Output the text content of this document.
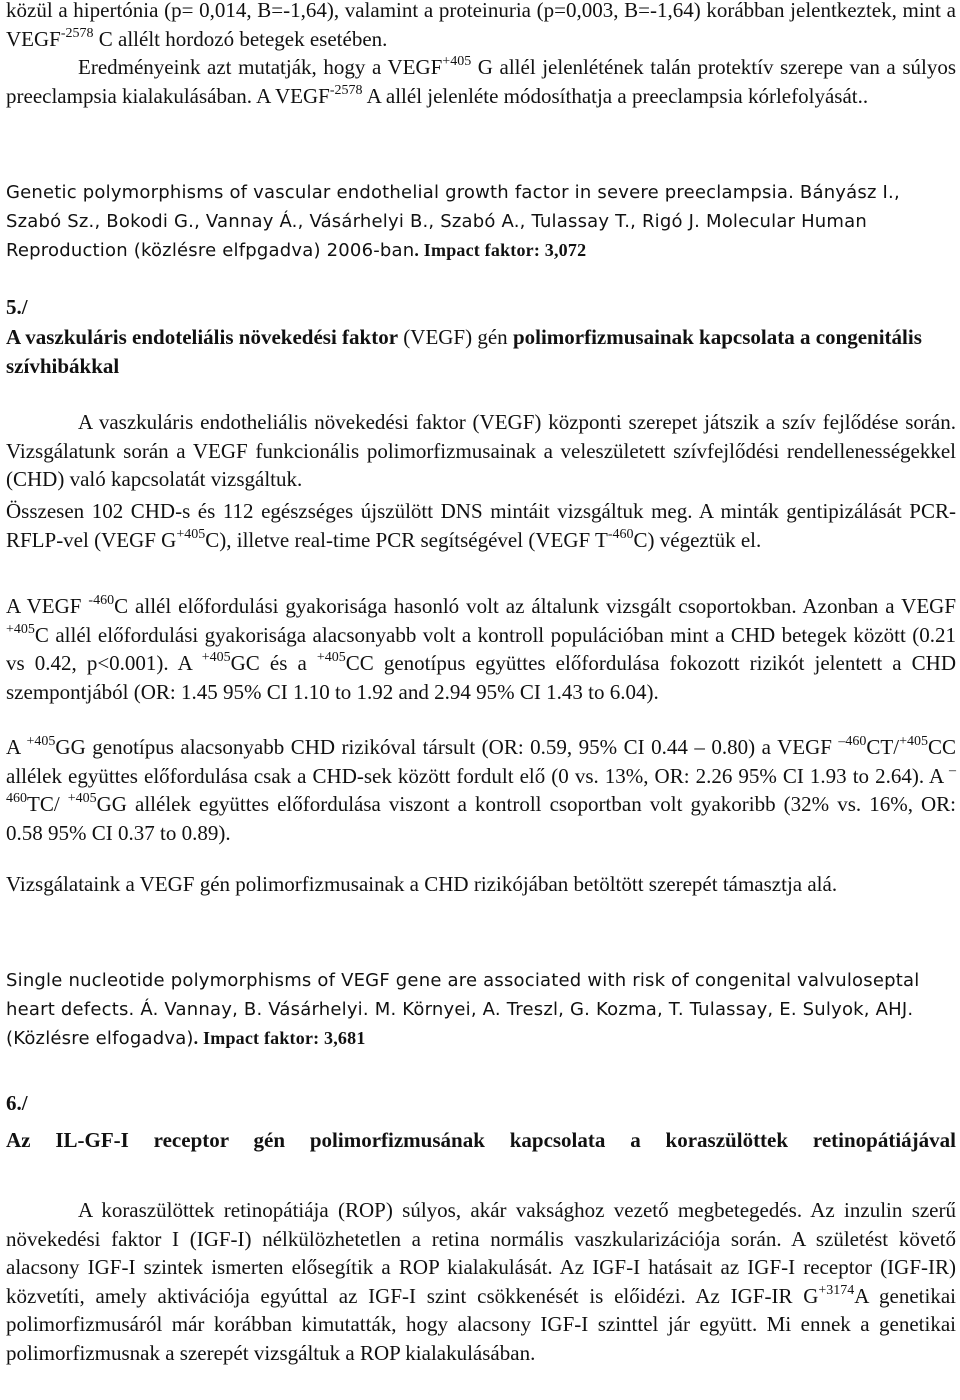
közül a hipertónia (p= 0,014, B=-1,64), valamint a proteinuria (p=0,003, B=-1,64) korábban jelentkeztek, mint a $VEGF^{-2578}$ C allélt hordozó betegek esetében.

Eredményeink azt mutatják, hogy a $VEGF^{+405}$ G allél jelenlétének talán protektív szerepe van a súlyos preeclampsia kialakulásában. A $VEGF^{-2578}$ A allél jelenléte módosíthatja a preeclampsia kórlefolyását..

Genetic polymorphisms of vascular endothelial growth factor in severe preeclampsia. Bányász I., Szabó Sz., Bokodi G., Vannay Á., Vásárhelyi B., Szabó A., Tulassay T., Rigó J. Molecular Human Reproduction (közlésre elfpgadva) 2006-ban. Impact faktor: 3,072

5./

A vaszkuláris endoteliális növekedési faktor (VEGF) gén polimorfizmusainak kapcsolata a congenitális szívhibákkal

A vaszkuláris endotheliális növekedési faktor (VEGF) központi szerepet játszik a szív fejlődése során. Vizsgálatunk során a VEGF funkcionális polimorfizmusainak a veleszületett szívfejlődési rendellenességekkel (CHD) való kapcsolatát vizsgáltuk.

Összesen 102 CHD-s és 112 egészséges újszülött DNS mintáit vizsgáltuk meg. A minták gentipizálását PCR-RFLP-vel (VEGF $G^{+405}C$), illetve real-time PCR segítségével (VEGF $T^{-460}C$) végeztük el.

A VEGF $^{-460}$C allél előfordulási gyakorisága hasonló volt az általunk vizsgált csoportokban. Azonban a VEGF $^{+405}$C allél előfordulási gyakorisága alacsonyabb volt a kontroll populációban mint a CHD betegek között (0.21 vs 0.42, p<0.001). A $^{+405}$GC és a $^{+405}$CC genotípus együttes előfordulása fokozott rizikót jelentett a CHD szempontjából (OR: 1.45 95% CI 1.10 to 1.92 and 2.94 95% CI 1.43 to 6.04).

A $^{+405}$GG genotípus alacsonyabb CHD rizikóval társult (OR: 0.59, 95% CI 0.44 – 0.80) a VEGF $^{-460}$CT/$^{+405}$CC allélek együttes előfordulása csak a CHD-sek között fordult elő (0 vs. 13%, OR: 2.26 95% CI 1.93 to 2.64). A $^{-460}$TC/ $^{+405}$GG allélek együttes előfordulása viszont a kontroll csoportban volt gyakoribb (32% vs. 16%, OR: 0.58 95% CI 0.37 to 0.89).

Vizsgálataink a VEGF gén polimorfizmusainak a CHD rizikójában betöltött szerepét támasztja alá.

Single nucleotide polymorphisms of VEGF gene are associated with risk of congenital valvuloseptal heart defects. Á. Vannay, B. Vásárhelyi. M. Környei, A. Treszl, G. Kozma, T. Tulassay, E. Sulyok, AHJ. (Közlésre elfogadva). Impact faktor: 3,681

6./

Az IL-GF-I receptor gén polimorfizmusának kapcsolata a koraszülöttek retinopátiájával

A koraszülöttek retinopátiája (ROP) súlyos, akár vaksághoz vezető megbetegedés. Az inzulin szerű növekedési faktor I (IGF-I) nélkülözhetetlen a retina normális vaszkularizációja során. A születést követő alacsony IGF-I szintek ismerten elősegítik a ROP kialakulását. Az IGF-I hatásait az IGF-I receptor (IGF-IR) közvetíti, amely aktivációja egyúttal az IGF-I szint csökkenését is előidézi. Az IGF-IR $G^{+3174}A$ genetikai polimorfizmusáról már korábban kimutatták, hogy alacsony IGF-I szinttel jár együtt. Mi ennek a genetikai polimorfizmusnak a szerepét vizsgáltuk a ROP kialakulásában.
